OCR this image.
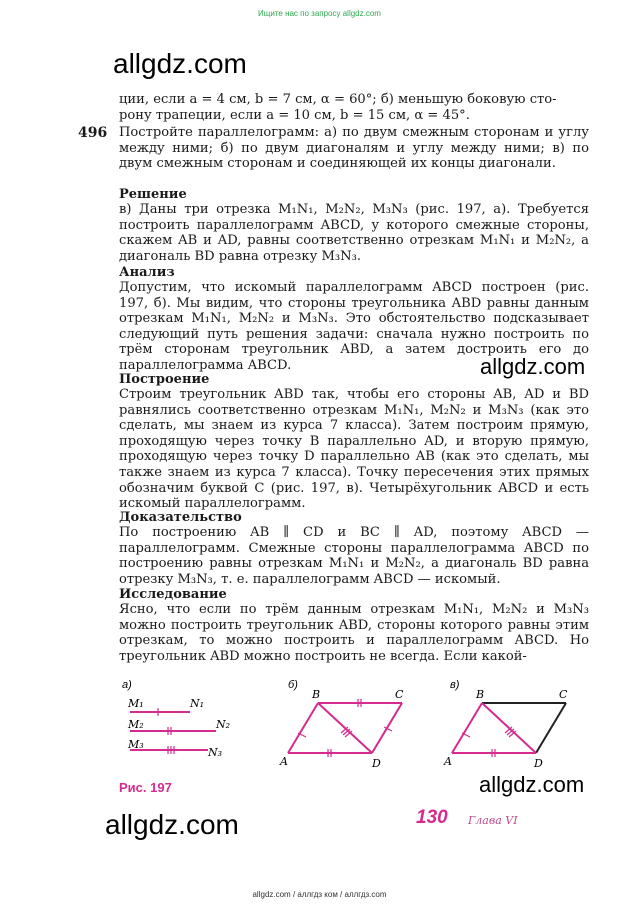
Ищите нас по запросу allgdz.com
allgdz.com
allgdz.com
allgdz.com
allgdz.com
ции, если a = 4 см, b = 7 см, α = 60°; б) меньшую боковую сто-
рону трапеции, если a = 10 см, b = 15 см, α = 45°.
496 Постройте параллелограмм: а) по двум смежным сторонам и углу между ними; б) по двум диагоналям и углу между ними; в) по двум смежным сторонам и соединяющей их концы диагонали.
Решение
в) Даны три отрезка M₁N₁, M₂N₂, M₃N₃ (рис. 197, а). Требуется построить параллелограмм ABCD, у которого смежные стороны, скажем AB и AD, равны соответственно отрезкам M₁N₁ и M₂N₂, а диагональ BD равна отрезку M₃N₃.
Анализ
Допустим, что искомый параллелограмм ABCD построен (рис. 197, б). Мы видим, что стороны треугольника ABD равны данным отрезкам M₁N₁, M₂N₂ и M₃N₃. Это обстоятельство подсказывает следующий путь решения задачи: сначала нужно построить по трём сторонам треугольник ABD, а затем достроить его до параллелограмма ABCD.
Построение
Строим треугольник ABD так, чтобы его стороны AB, AD и BD равнялись соответственно отрезкам M₁N₁, M₂N₂ и M₃N₃ (как это сделать, мы знаем из курса 7 класса). Затем построим прямую, проходящую через точку B параллельно AD, и вторую прямую, проходящую через точку D параллельно AB (как это сделать, мы также знаем из курса 7 класса). Точку пересечения этих прямых обозначим буквой C (рис. 197, в). Четырёхугольник ABCD и есть искомый параллелограмм.
Доказательство
По построению AB ∥ CD и BC ∥ AD, поэтому ABCD — параллелограмм. Смежные стороны параллелограмма ABCD по построению равны отрезкам M₁N₁ и M₂N₂, а диагональ BD равна отрезку M₃N₃, т. е. параллелограмм ABCD — искомый.
Исследование
Ясно, что если по трём данным отрезкам M₁N₁, M₂N₂ и M₃N₃ можно построить треугольник ABD, стороны которого равны этим отрезкам, то можно построить и параллелограмм ABCD. Но треугольник ABD можно построить не всегда. Если какой-
а)	б)	в)
M₁	N₁
M₂	N₂
M₃
N₃
A
B	C
D	A
B	C
D
Рис. 197
130 Глава VI
allgdz.com / аллгдз ком / аллгдз.com
